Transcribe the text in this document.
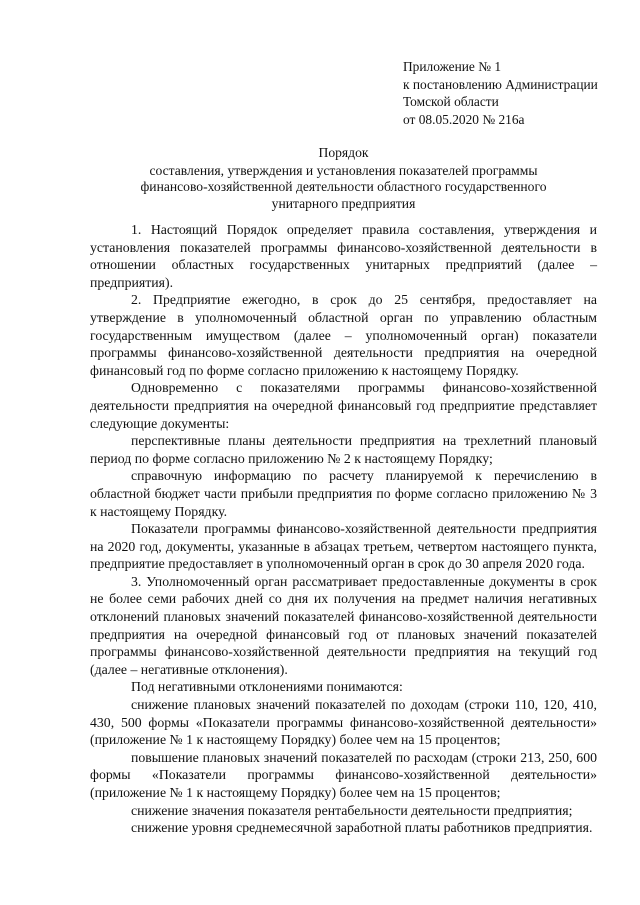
Приложение № 1
к постановлению Администрации
Томской области
от 08.05.2020 № 216а
Порядок
составления, утверждения и установления показателей программы
финансово-хозяйственной деятельности областного государственного
унитарного предприятия

1. Настоящий Порядок определяет правила составления, утверждения и установления показателей программы финансово-хозяйственной деятельности в отношении областных государственных унитарных предприятий (далее – предприятия).

2. Предприятие ежегодно, в срок до 25 сентября, предоставляет на утверждение в уполномоченный областной орган по управлению областным государственным имуществом (далее – уполномоченный орган) показатели программы финансово-хозяйственной деятельности предприятия на очередной финансовый год по форме согласно приложению к настоящему Порядку.

Одновременно с показателями программы финансово-хозяйственной деятельности предприятия на очередной финансовый год предприятие представляет следующие документы:

перспективные планы деятельности предприятия на трехлетний плановый период по форме согласно приложению № 2 к настоящему Порядку;

справочную информацию по расчету планируемой к перечислению в областной бюджет части прибыли предприятия по форме согласно приложению № 3 к настоящему Порядку.

Показатели программы финансово-хозяйственной деятельности предприятия на 2020 год, документы, указанные в абзацах третьем, четвертом настоящего пункта, предприятие предоставляет в уполномоченный орган в срок до 30 апреля 2020 года.

3. Уполномоченный орган рассматривает предоставленные документы в срок не более семи рабочих дней со дня их получения на предмет наличия негативных отклонений плановых значений показателей финансово-хозяйственной деятельности предприятия на очередной финансовый год от плановых значений показателей программы финансово-хозяйственной деятельности предприятия на текущий год (далее – негативные отклонения).

Под негативными отклонениями понимаются:

снижение плановых значений показателей по доходам (строки 110, 120, 410, 430, 500 формы «Показатели программы финансово-хозяйственной деятельности» (приложение № 1 к настоящему Порядку) более чем на 15 процентов;

повышение плановых значений показателей по расходам (строки 213, 250, 600 формы «Показатели программы финансово-хозяйственной деятельности» (приложение № 1 к настоящему Порядку) более чем на 15 процентов;

снижение значения показателя рентабельности деятельности предприятия;

снижение уровня среднемесячной заработной платы работников предприятия.
